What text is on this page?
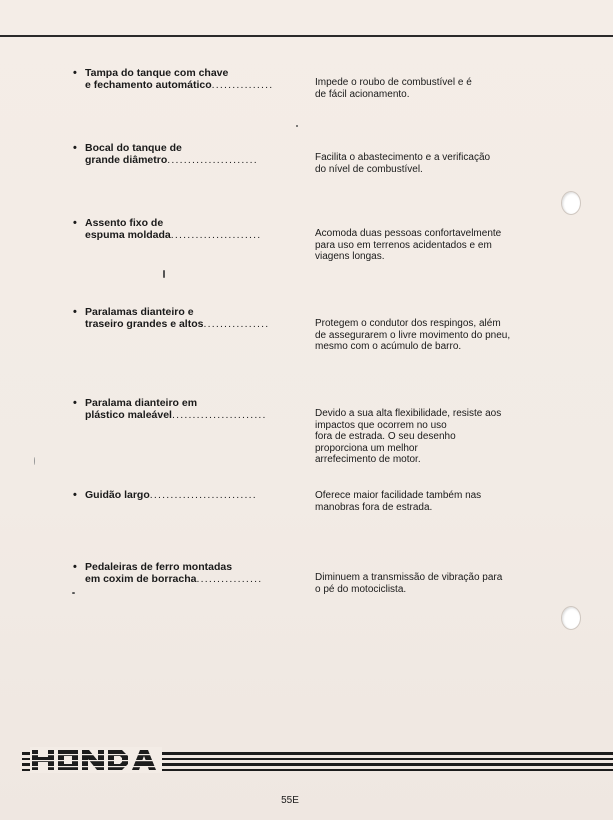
• Tampa do tanque com chave
e fechamento automático...............	Impede o roubo de combustível e é
de fácil acionamento.
• Bocal do tanque de
grande diâmetro......................	Facilita o abastecimento e a verificação
do nível de combustível.
• Assento fixo de
espuma moldada......................	Acomoda duas pessoas confortavelmente
para uso em terrenos acidentados e em
viagens longas.
• Paralamas dianteiro e
traseiro grandes e altos................	Protegem o condutor dos respingos, além
de assegurarem o livre movimento do pneu,
mesmo com o acúmulo de barro.
• Paralama dianteiro em
plástico maleável.......................	Devido a sua alta flexibilidade, resiste aos
impactos que ocorrem no uso
fora de estrada. O seu desenho
proporciona um melhor
arrefecimento de motor.
• Guidão largo..........................	Oferece maior facilidade também nas
manobras fora de estrada.
• Pedaleiras de ferro montadas
em coxim de borracha................	Diminuem a transmissão de vibração para
o pé do motociclista.
55E
